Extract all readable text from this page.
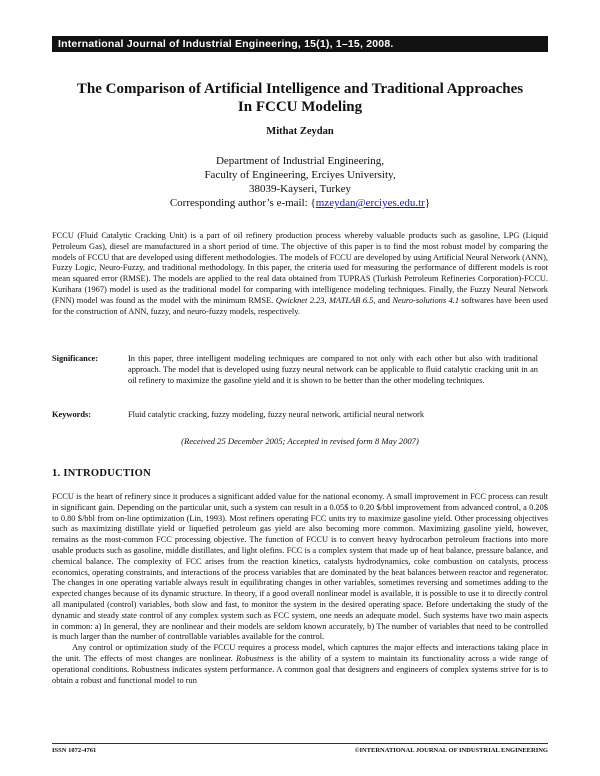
International Journal of Industrial Engineering, 15(1), 1–15, 2008.
The Comparison of Artificial Intelligence and Traditional Approaches
In FCCU Modeling
Mithat Zeydan
Department of Industrial Engineering,
Faculty of Engineering, Erciyes University,
38039-Kayseri, Turkey
Corresponding author’s e-mail: {mzeydan@erciyes.edu.tr}
FCCU (Fluid Catalytic Cracking Unit) is a part of oil refinery production process whereby valuable products such as gasoline, LPG (Liquid Petroleum Gas), diesel are manufactured in a short period of time. The objective of this paper is to find the most robust model by comparing the models of FCCU that are developed using different methodologies. The models of FCCU are developed by using Artificial Neural Network (ANN), Fuzzy Logic, Neuro-Fuzzy, and traditional methodology. In this paper, the criteria used for measuring the performance of different models is root mean squared error (RMSE). The models are applied to the real data obtained from TUPRAS (Turkish Petroleum Refineries Corporation)-FCCU. Kurihara (1967) model is used as the traditional model for comparing with intelligence modeling techniques. Finally, the Fuzzy Neural Network (FNN) model was found as the model with the minimum RMSE. Qwicknet 2.23, MATLAB 6.5, and Neuro-solutions 4.1 softwares have been used for the construction of ANN, fuzzy, and neuro-fuzzy models, respectively.
Significance:	In this paper, three intelligent modeling techniques are compared to not only with each other but also with traditional approach. The model that is developed using fuzzy neural network can be applicable to fluid catalytic cracking unit in an oil refinery to maximize the gasoline yield and it is shown to be better than the other modeling techniques.
Keywords:	Fluid catalytic cracking, fuzzy modeling, fuzzy neural network, artificial neural network
(Received 25 December 2005; Accepted in revised form 8 May 2007)
1. INTRODUCTION

FCCU is the heart of refinery since it produces a significant added value for the national economy. A small improvement in FCC process can result in significant gain. Depending on the particular unit, such a system can result in a 0.05$ to 0.20 $/bbl improvement from advanced control, a 0.20$ to 0.80 $/bbl from on-line optimization (Lin, 1993). Most refiners operating FCC units try to maximize gasoline yield. Other processing objectives such as maximizing distillate yield or liquefied petroleum gas yield are also becoming more common. Maximizing gasoline yield, however, remains as the most-common FCC processing objective. The function of FCCU is to convert heavy hydrocarbon petroleum fractions into more usable products such as gasoline, middle distillates, and light olefins. FCC is a complex system that made up of heat balance, pressure balance, and chemical balance. The complexity of FCC arises from the reaction kinetics, catalysts hydrodynamics, coke combustion on catalysts, process economics, operating constraints, and interactions of the process variables that are dominated by the heat balances between reactor and regenerator. The changes in one operating variable always result in equilibrating changes in other variables, sometimes reversing and sometimes adding to the expected changes because of its dynamic structure. In theory, if a good overall nonlinear model is available, it is possible to use it to directly control all manipulated (control) variables, both slow and fast, to monitor the system in the desired operating space. Before undertaking the study of the dynamic and steady state control of any complex system such as FCC system, one needs an adequate model. Such systems have two main aspects in common: a) In general, they are nonlinear and their models are seldom known accurately, b) The number of variables that need to be controlled is much larger than the number of controllable variables available for the control.

Any control or optimization study of the FCCU requires a process model, which captures the major effects and interactions taking place in the unit. The effects of most changes are nonlinear. Robustness is the ability of a system to maintain its functionality across a wide range of operational conditions. Robustness indicates system performance. A common goal that designers and engineers of complex systems strive for is to obtain a robust and functional model to run

ISSN 1072-4761	©INTERNATIONAL JOURNAL OF INDUSTRIAL ENGINEERING
